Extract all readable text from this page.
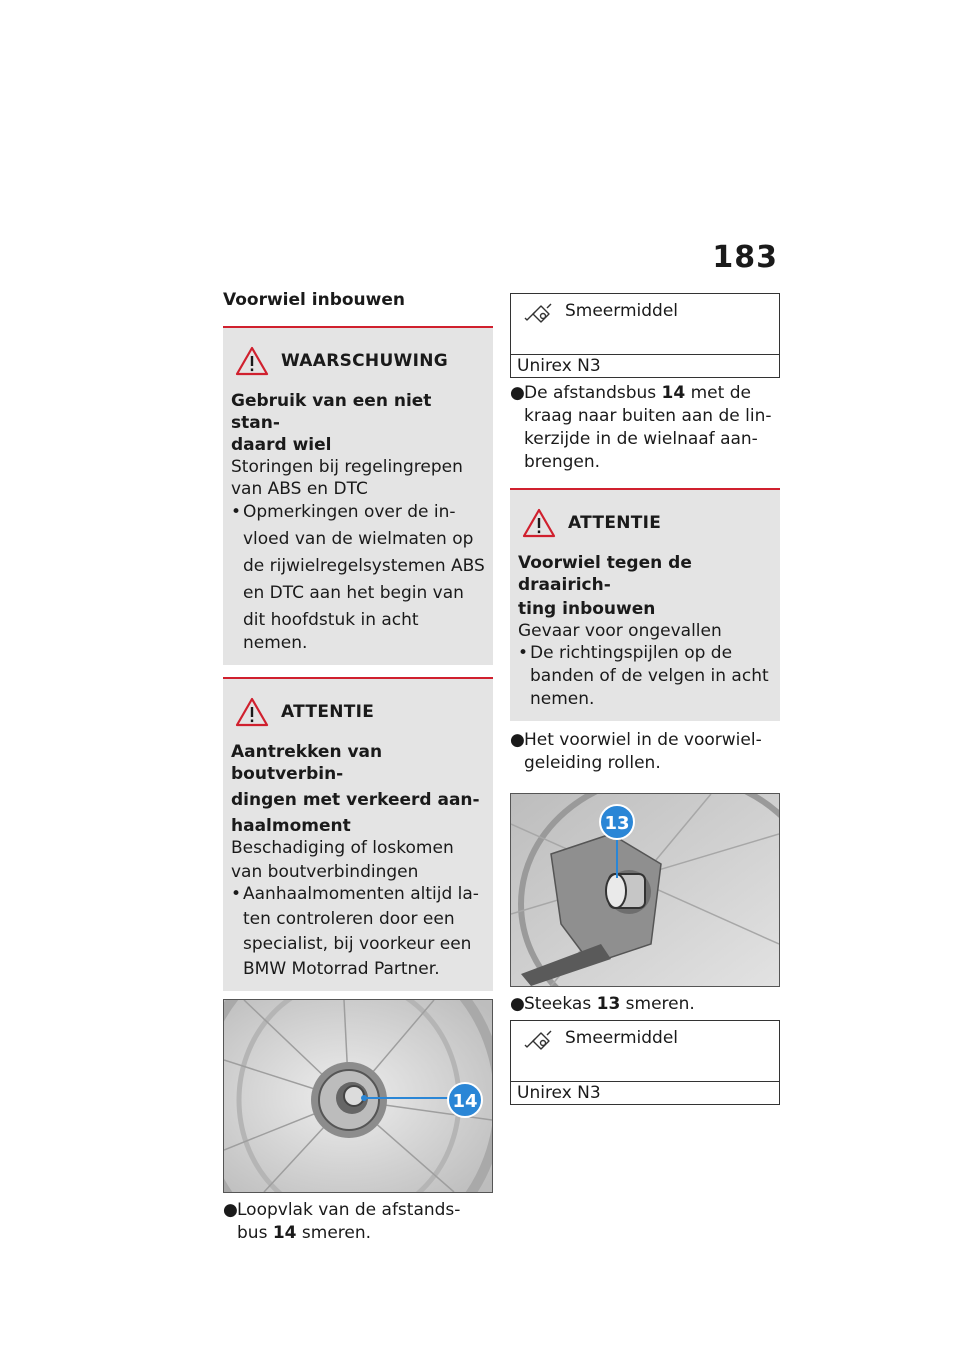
183
Voorwiel inbouwen
WAARSCHUWING
Gebruik van een niet stan-
daard wiel
Storingen bij regelingrepen
van ABS en DTC
• Opmerkingen over de in-
vloed van de wielmaten op
de rijwielregelsystemen ABS
en DTC aan het begin van
dit hoofdstuk in acht nemen.
ATTENTIE
Aantrekken van boutverbin-
dingen met verkeerd aan-
haalmoment
Beschadiging of loskomen
van boutverbindingen
• Aanhaalmomenten altijd la-
ten controleren door een
specialist, bij voorkeur een
BMW Motorrad Partner.
14
● Loopvlak van de afstands-
bus 14 smeren.
Smeermiddel
Unirex N3
● De afstandsbus 14 met de
kraag naar buiten aan de lin-
kerzijde in de wielnaaf aan-
brengen.
ATTENTIE
Voorwiel tegen de draairich-
ting inbouwen
Gevaar voor ongevallen
• De richtingspijlen op de
banden of de velgen in acht
nemen.
● Het voorwiel in de voorwiel-
geleiding rollen.
13
● Steekas 13 smeren.
Smeermiddel
Unirex N3
